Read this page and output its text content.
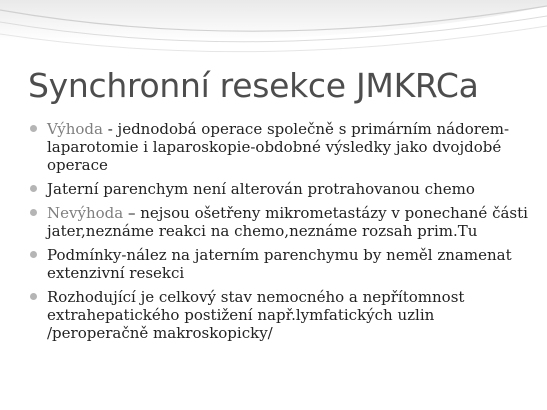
Synchronní resekce JMKRCa
Výhoda - jednodobá operace společně s primárním nádorem-laparotomie i laparoskopie-obdobné výsledky jako dvojdobé operace
Jaterní parenchym není alterován protrahovanou chemo
Nevýhoda – nejsou ošetřeny mikrometastázy v ponechané části jater,neznáme reakci na chemo,neznáme rozsah prim.Tu
Podmínky-nález na jaterním parenchymu by neměl znamenat extenzivní resekci
Rozhodující je celkový stav nemocného a nepřítomnost extrahepatického postižení např.lymfatických uzlin /peroperačně makroskopicky/
